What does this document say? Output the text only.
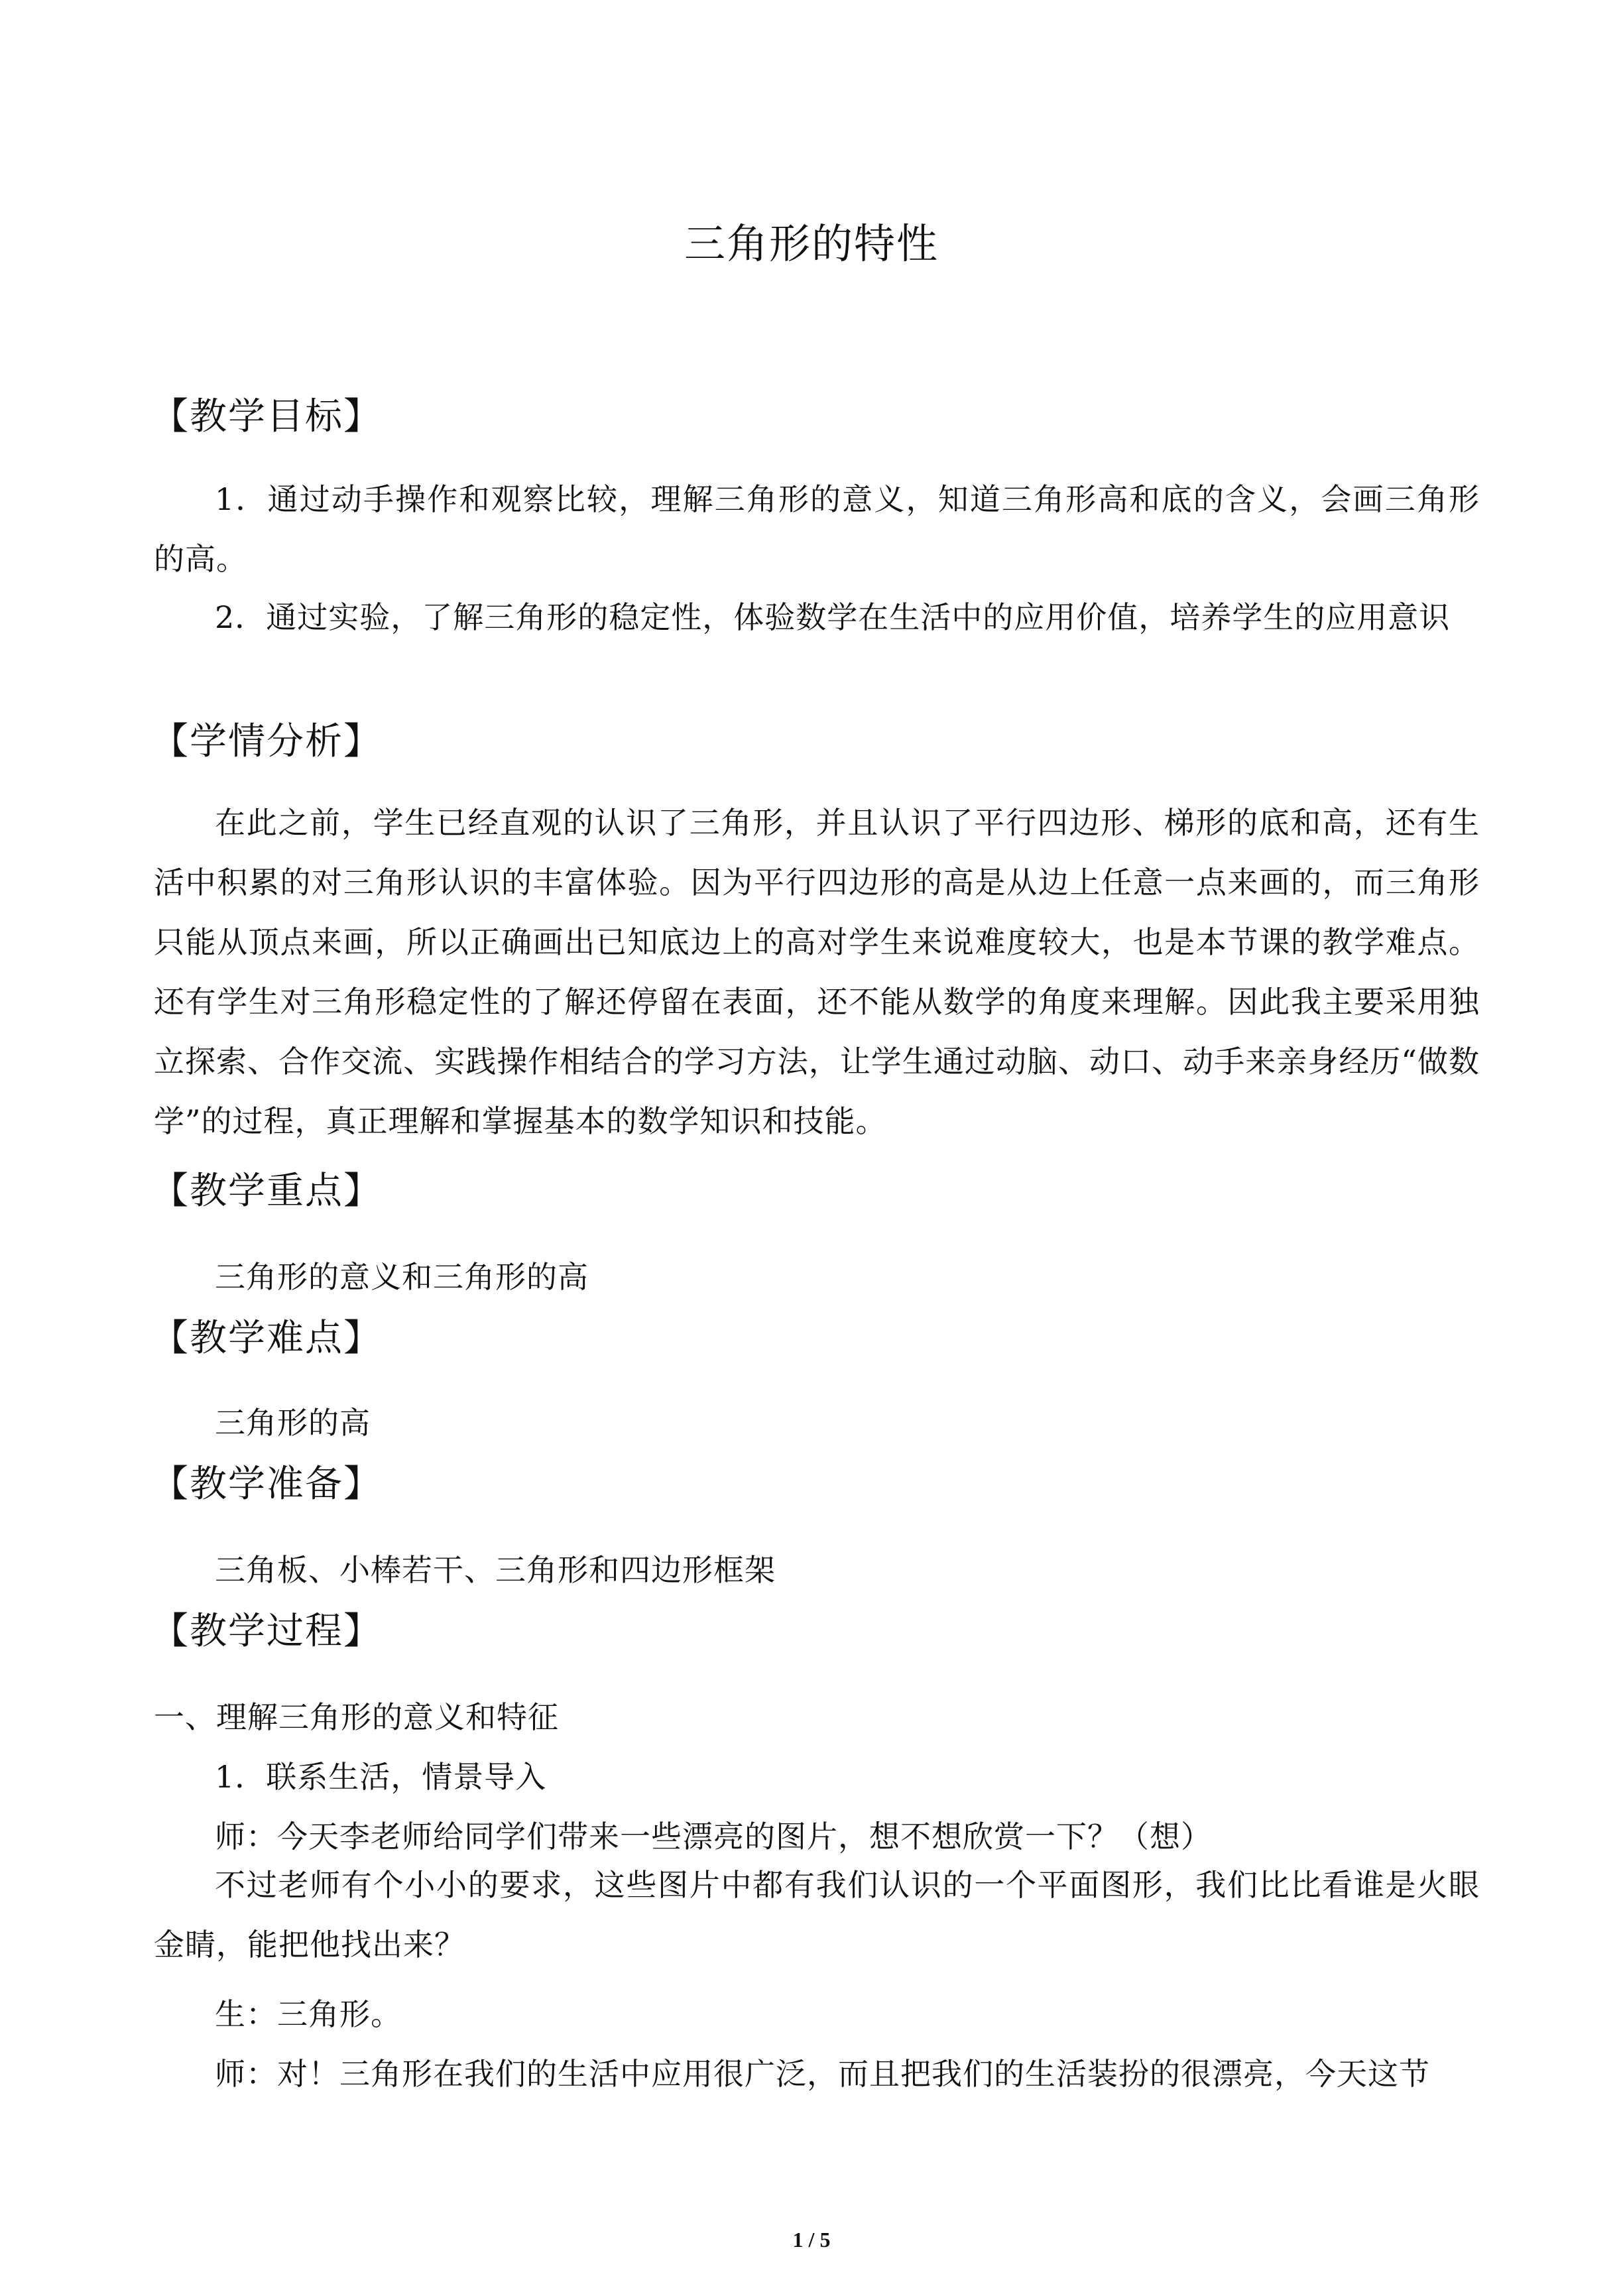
三角形的特性
【教学目标】
1．通过动手操作和观察比较，理解三角形的意义，知道三角形高和底的含义，会画三角形的高。
2．通过实验，了解三角形的稳定性，体验数学在生活中的应用价值，培养学生的应用意识
【学情分析】
在此之前，学生已经直观的认识了三角形，并且认识了平行四边形、梯形的底和高，还有生活中积累的对三角形认识的丰富体验。因为平行四边形的高是从边上任意一点来画的，而三角形只能从顶点来画，所以正确画出已知底边上的高对学生来说难度较大，也是本节课的教学难点。还有学生对三角形稳定性的了解还停留在表面，还不能从数学的角度来理解。因此我主要采用独立探索、合作交流、实践操作相结合的学习方法，让学生通过动脑、动口、动手来亲身经历“做数学”的过程，真正理解和掌握基本的数学知识和技能。
【教学重点】
三角形的意义和三角形的高
【教学难点】
三角形的高
【教学准备】
三角板、小棒若干、三角形和四边形框架
【教学过程】
一、理解三角形的意义和特征
1．联系生活，情景导入
师：今天李老师给同学们带来一些漂亮的图片，想不想欣赏一下？（想）
不过老师有个小小的要求，这些图片中都有我们认识的一个平面图形，我们比比看谁是火眼金睛，能把他找出来？
生：三角形。
师：对！三角形在我们的生活中应用很广泛，而且把我们的生活装扮的很漂亮，今天这节
1 / 5
